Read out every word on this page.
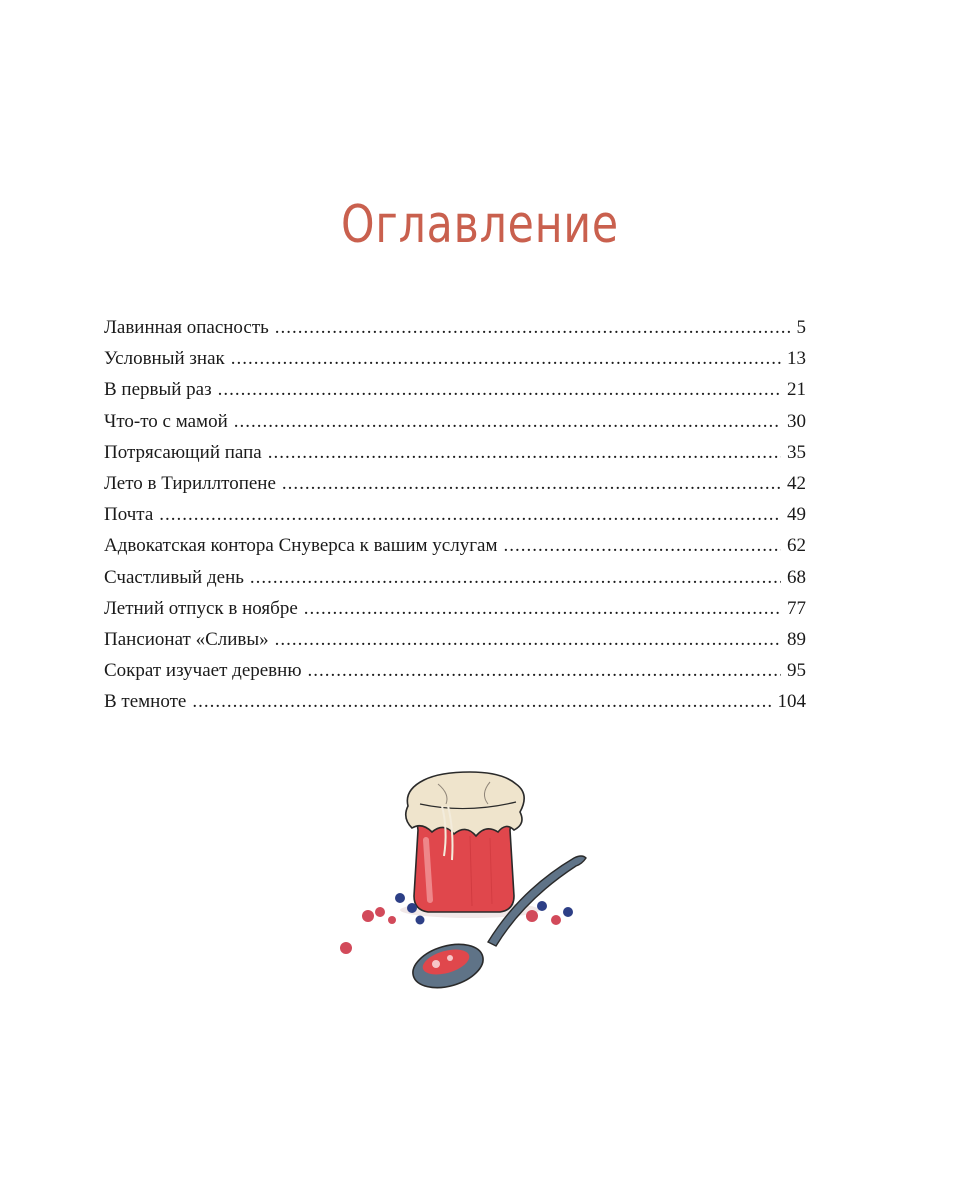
Оглавление
Лавинная опасность .....	5
Условный знак .....	13
В первый раз .....	21
Что-то с мамой .....	30
Потрясающий папа .....	35
Лето в Тириллтопене .....	42
Почта .....	49
Адвокатская контора Снуверса к вашим услугам .....	62
Счастливый день .....	68
Летний отпуск в ноябре .....	77
Пансионат «Сливы» .....	89
Сократ изучает деревню .....	95
В темноте .....	104
